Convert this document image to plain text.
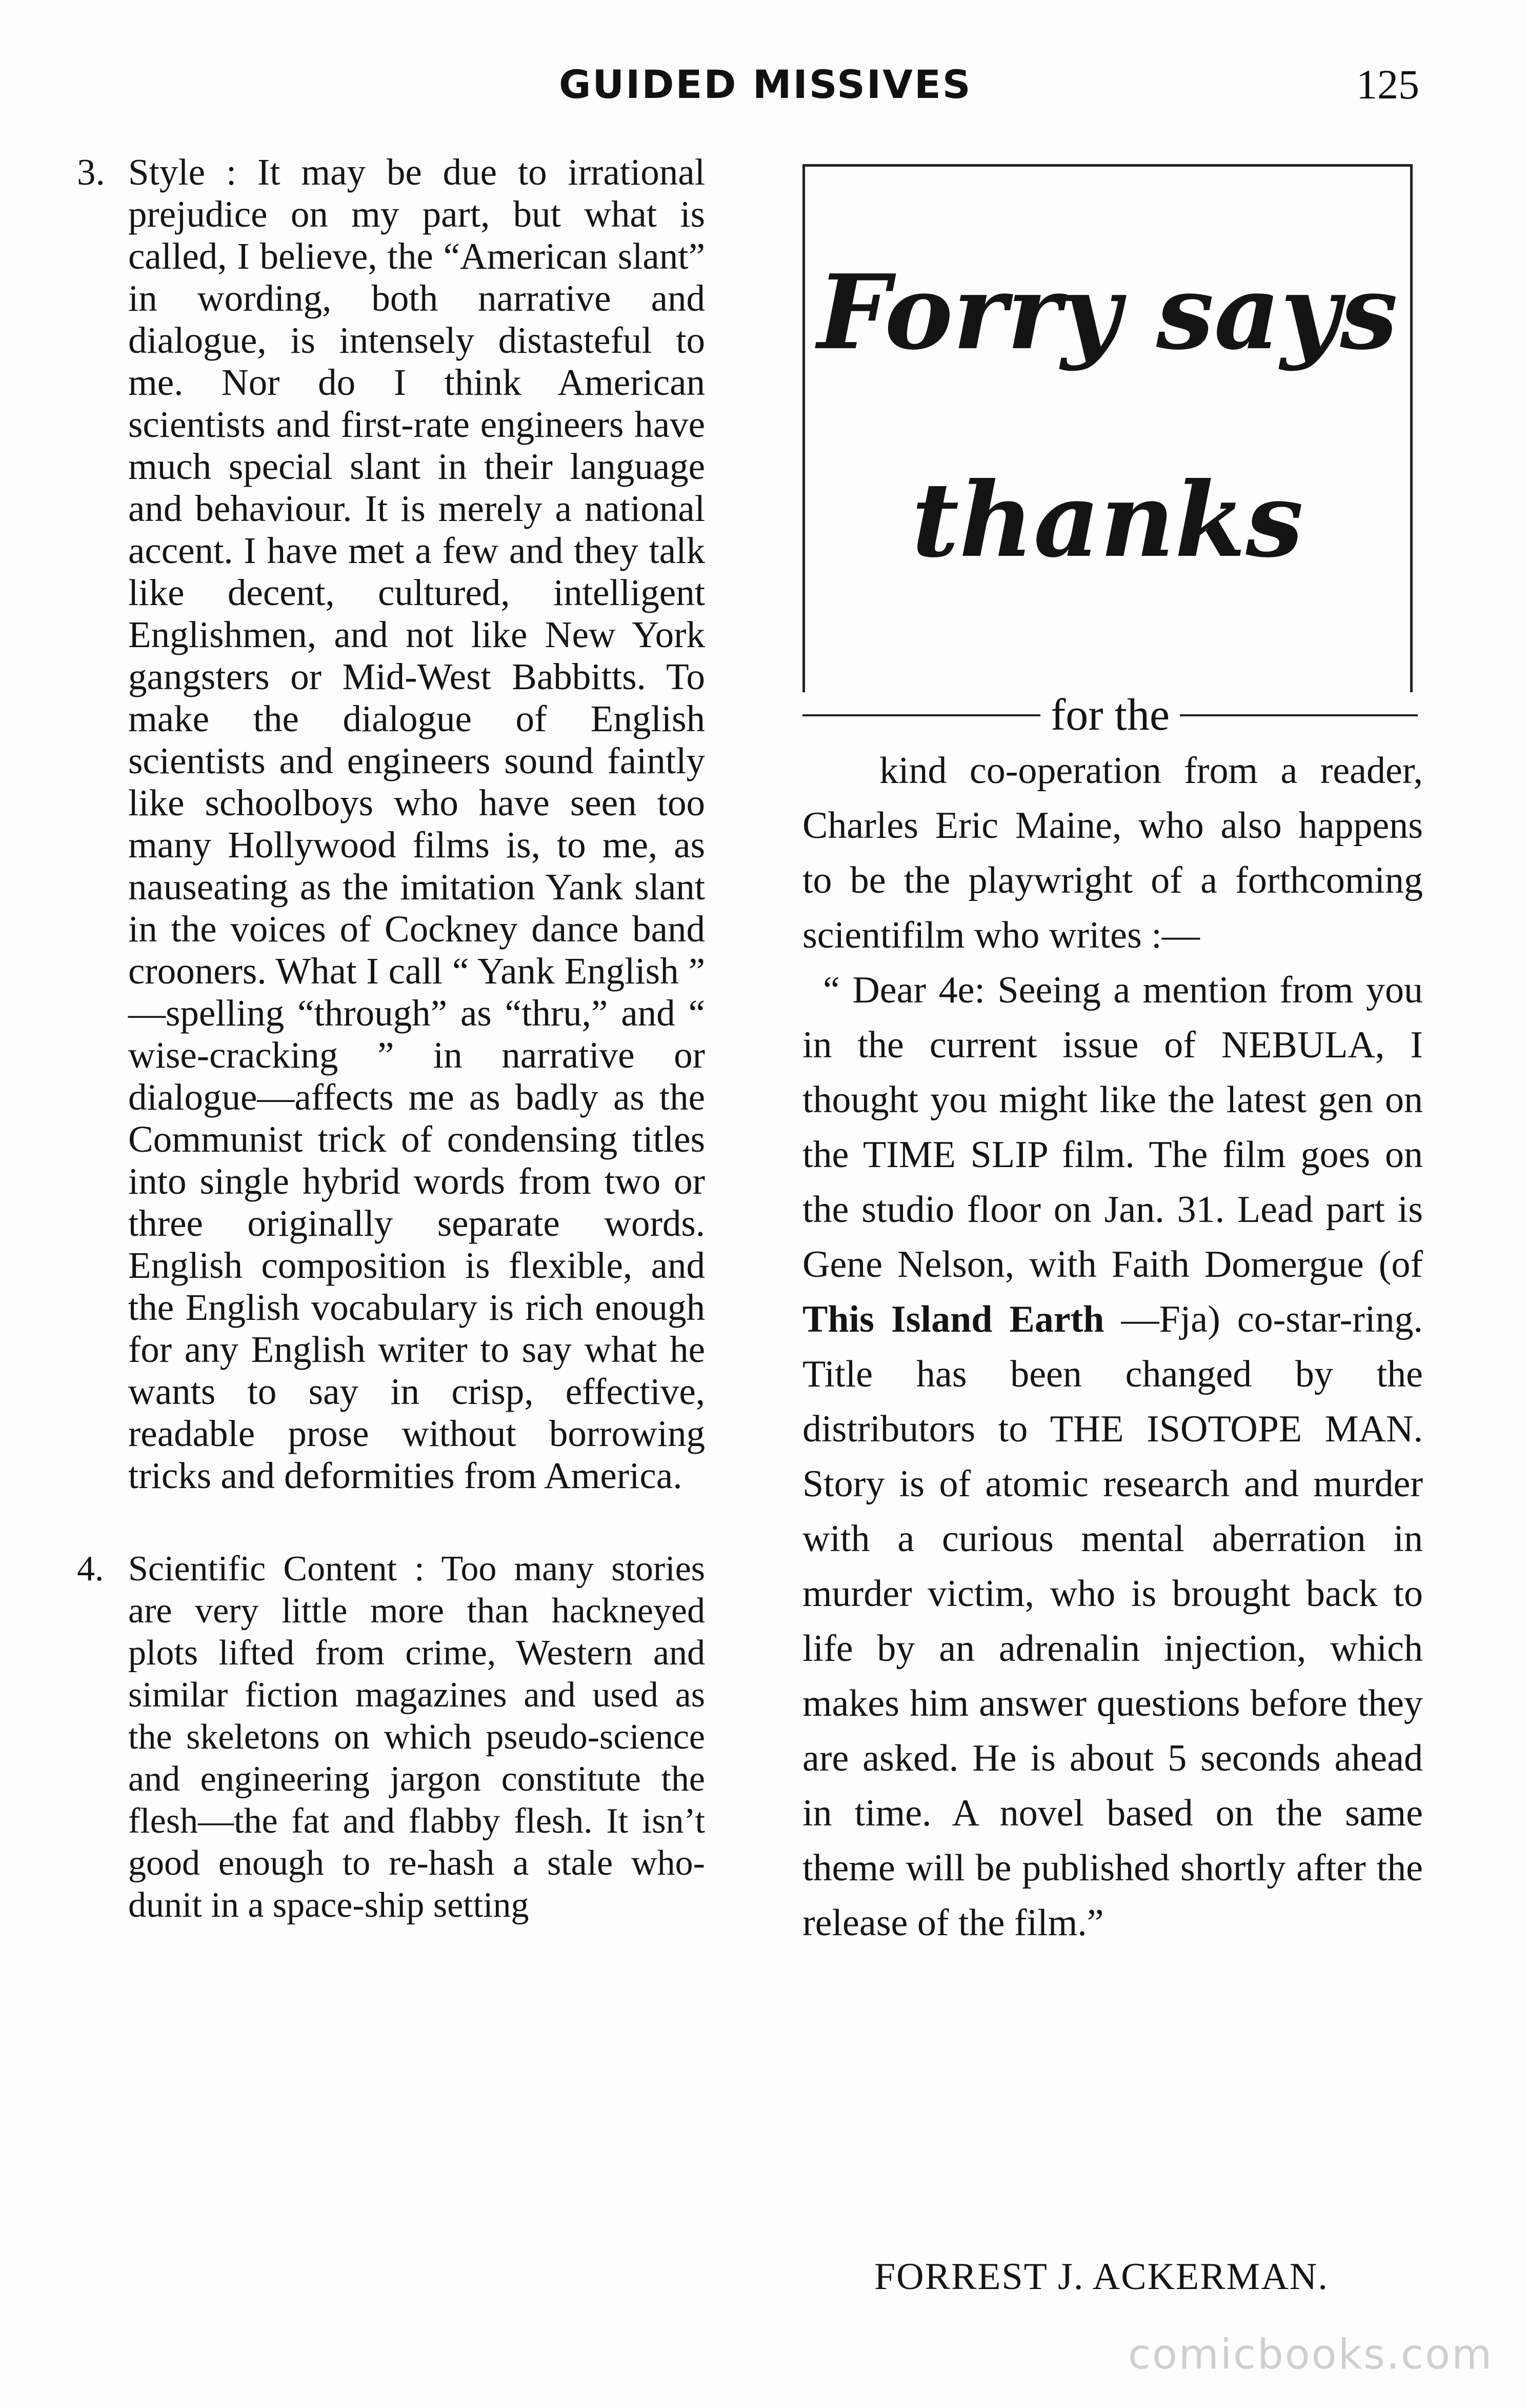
GUIDED MISSIVES	125
3. Style : It may be due to irrational prejudice on my part, but what is called, I believe, the “American slant” in wording, both narrative and dialogue, is intensely distasteful to me. Nor do I think American scientists and first-rate engineers have much special slant in their language and behaviour. It is merely a national accent. I have met a few and they talk like decent, cultured, intelligent Englishmen, and not like New York gangsters or Mid-West Babbitts. To make the dialogue of English scientists and engineers sound faintly like schoolboys who have seen too many Hollywood films is, to me, as nauseating as the imitation Yank slant in the voices of Cockney dance band crooners. What I call “ Yank English ” —spelling “through” as “thru,” and “ wise-cracking ” in narrative or dialogue—affects me as badly as the Communist trick of condensing titles into single hybrid words from two or three originally separate words. English composition is flexible, and the English vocabulary is rich enough for any English writer to say what he wants to say in crisp, effective, readable prose without borrowing tricks and deformities from America.
4. Scientific Content : Too many stories are very little more than hackneyed plots lifted from crime, Western and similar fiction magazines and used as the skeletons on which pseudo-science and engineering jargon constitute the flesh—the fat and flabby flesh. It isn’t good enough to re-hash a stale who-dunit in a space-ship setting
Forry says
thanks
for the

kind co-operation from a reader, Charles Eric Maine, who also happens to be the playwright of a forthcoming scientifilm who writes :—

“ Dear 4e: Seeing a mention from you in the current issue of NEBULA, I thought you might like the latest gen on the TIME SLIP film. The film goes on the studio floor on Jan. 31. Lead part is Gene Nelson, with Faith Domergue (of This Island Earth —Fja) co-star-ring. Title has been changed by the distributors to THE ISOTOPE MAN. Story is of atomic research and murder with a curious mental aberration in murder victim, who is brought back to life by an adrenalin injection, which makes him answer questions before they are asked. He is about 5 seconds ahead in time. A novel based on the same theme will be published shortly after the release of the film.”

FORREST J. ACKERMAN.
comicbooks.com
